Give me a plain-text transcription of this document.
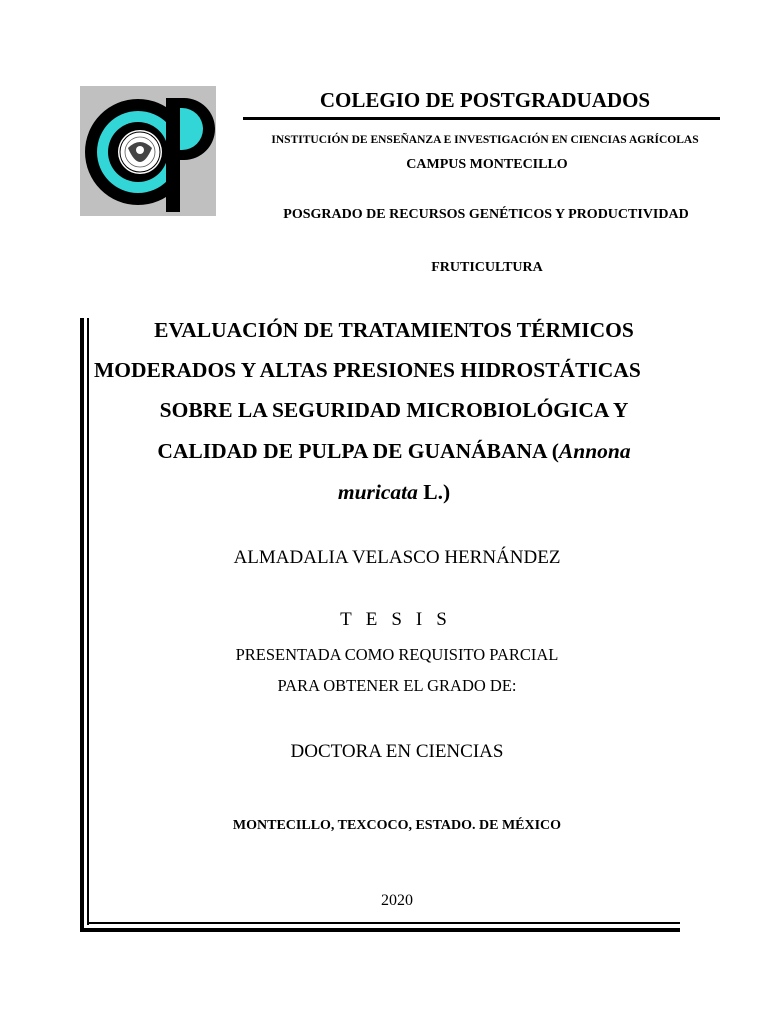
COLEGIO DE POSTGRADUADOS
INSTITUCIÓN DE ENSEÑANZA E INVESTIGACIÓN EN CIENCIAS AGRÍCOLAS
CAMPUS MONTECILLO
POSGRADO DE RECURSOS GENÉTICOS Y PRODUCTIVIDAD
FRUTICULTURA
EVALUACIÓN DE TRATAMIENTOS TÉRMICOS
MODERADOS Y ALTAS PRESIONES HIDROSTÁTICAS
SOBRE LA SEGURIDAD MICROBIOLÓGICA Y
CALIDAD DE PULPA DE GUANÁBANA (Annona
muricata L.)
ALMADALIA VELASCO HERNÁNDEZ
TESIS
PRESENTADA COMO REQUISITO PARCIAL
PARA OBTENER EL GRADO DE:
DOCTORA EN CIENCIAS
MONTECILLO, TEXCOCO, ESTADO. DE MÉXICO
2020
